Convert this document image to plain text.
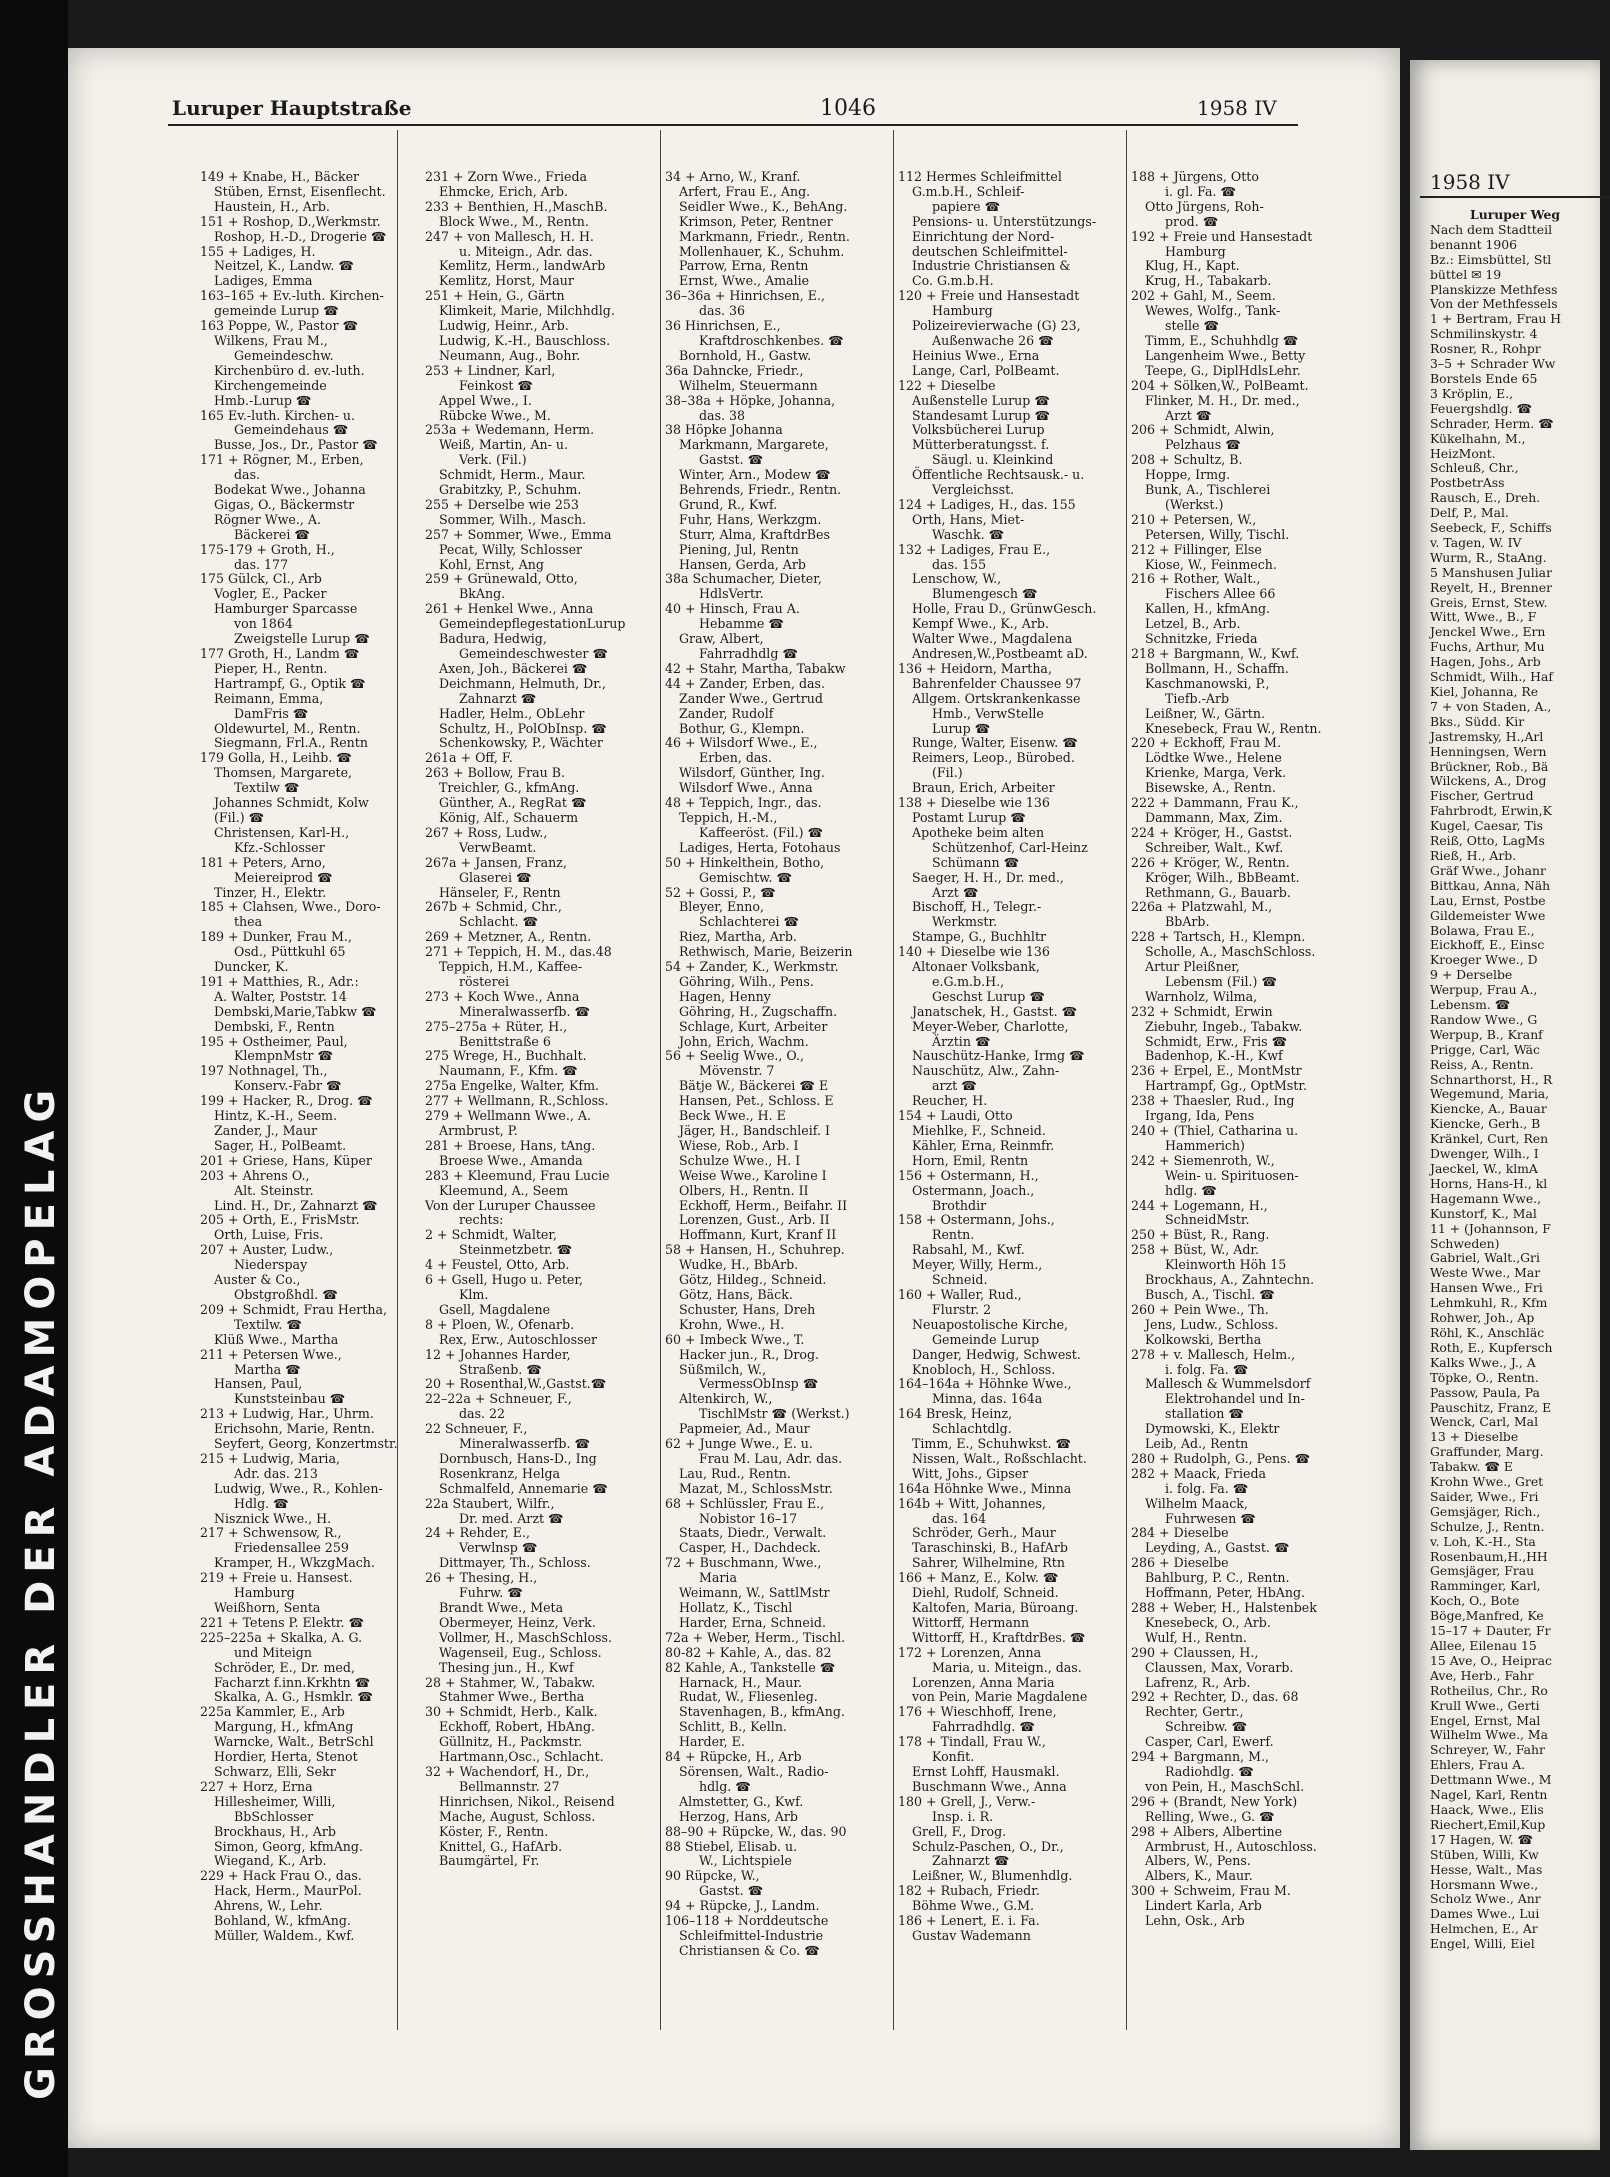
GROSSHANDLER DER ADAMOPELAG
Luruper Hauptstraße	1046	1958 IV
149 + Knabe, H., Bäcker
Stüben, Ernst, Eisenflecht.
Haustein, H., Arb.
151 + Roshop, D.,Werkmstr.
Roshop, H.-D., Drogerie ☎
155 + Ladiges, H.
Neitzel, K., Landw. ☎
Ladiges, Emma
163–165 + Ev.-luth. Kirchen-
gemeinde Lurup ☎
163 Poppe, W., Pastor ☎
Wilkens, Frau M.,
Gemeindeschw.
Kirchenbüro d. ev.-luth.
Kirchengemeinde
Hmb.-Lurup ☎
165 Ev.-luth. Kirchen- u.
Gemeindehaus ☎
Busse, Jos., Dr., Pastor ☎
171 + Rögner, M., Erben,
das.
Bodekat Wwe., Johanna
Gigas, O., Bäckermstr
Rögner Wwe., A.
Bäckerei ☎
175-179 + Groth, H.,
das. 177
175 Gülck, Cl., Arb
Vogler, E., Packer
Hamburger Sparcasse
von 1864
Zweigstelle Lurup ☎
177 Groth, H., Landm ☎
Pieper, H., Rentn.
Hartrampf, G., Optik ☎
Reimann, Emma,
DamFris ☎
Oldewurtel, M., Rentn.
Siegmann, Frl.A., Rentn
179 Golla, H., Leihb. ☎
Thomsen, Margarete,
Textilw ☎
Johannes Schmidt, Kolw
(Fil.) ☎
Christensen, Karl-H.,
Kfz.-Schlosser
181 + Peters, Arno,
Meiereiprod ☎
Tinzer, H., Elektr.
185 + Clahsen, Wwe., Doro-
thea
189 + Dunker, Frau M.,
Osd., Püttkuhl 65
Duncker, K.
191 + Matthies, R., Adr.:
A. Walter, Poststr. 14
Dembski,Marie,Tabkw ☎
Dembski, F., Rentn
195 + Ostheimer, Paul,
KlempnMstr ☎
197 Nothnagel, Th.,
Konserv.-Fabr ☎
199 + Hacker, R., Drog. ☎
Hintz, K.-H., Seem.
Zander, J., Maur
Sager, H., PolBeamt.
201 + Griese, Hans, Küper
203 + Ahrens O.,
Alt. Steinstr.
Lind. H., Dr., Zahnarzt ☎
205 + Orth, E., FrisMstr.
Orth, Luise, Fris.
207 + Auster, Ludw.,
Niederspay
Auster & Co.,
Obstgroßhdl. ☎
209 + Schmidt, Frau Hertha,
Textilw. ☎
Klüß Wwe., Martha
211 + Petersen Wwe.,
Martha ☎
Hansen, Paul,
Kunststeinbau ☎
213 + Ludwig, Har., Uhrm.
Erichsohn, Marie, Rentn.
Seyfert, Georg, Konzertmstr.
215 + Ludwig, Maria,
Adr. das. 213
Ludwig, Wwe., R., Kohlen-
Hdlg. ☎
Nisznick Wwe., H.
217 + Schwensow, R.,
Friedensallee 259
Kramper, H., WkzgMach.
219 + Freie u. Hansest.
Hamburg
Weißhorn, Senta
221 + Tetens P. Elektr. ☎
225–225a + Skalka, A. G.
und Miteign
Schröder, E., Dr. med,
Facharzt f.inn.Krkhtn ☎
Skalka, A. G., Hsmklr. ☎
225a Kammler, E., Arb
Margung, H., kfmAng
Warncke, Walt., BetrSchl
Hordier, Herta, Stenot
Schwarz, Elli, Sekr
227 + Horz, Erna
Hillesheimer, Willi,
BbSchlosser
Brockhaus, H., Arb
Simon, Georg, kfmAng.
Wiegand, K., Arb.
229 + Hack Frau O., das.
Hack, Herm., MaurPol.
Ahrens, W., Lehr.
Bohland, W., kfmAng.
Müller, Waldem., Kwf.
231 + Zorn Wwe., Frieda
Ehmcke, Erich, Arb.
233 + Benthien, H.,MaschB.
Block Wwe., M., Rentn.
247 + von Mallesch, H. H.
u. Miteign., Adr. das.
Kemlitz, Herm., landwArb
Kemlitz, Horst, Maur
251 + Hein, G., Gärtn
Klimkeit, Marie, Milchhdlg.
Ludwig, Heinr., Arb.
Ludwig, K.-H., Bauschloss.
Neumann, Aug., Bohr.
253 + Lindner, Karl,
Feinkost ☎
Appel Wwe., I.
Rübcke Wwe., M.
253a + Wedemann, Herm.
Weiß, Martin, An- u.
Verk. (Fil.)
Schmidt, Herm., Maur.
Grabitzky, P., Schuhm.
255 + Derselbe wie 253
Sommer, Wilh., Masch.
257 + Sommer, Wwe., Emma
Pecat, Willy, Schlosser
Kohl, Ernst, Ang
259 + Grünewald, Otto,
BkAng.
261 + Henkel Wwe., Anna
GemeindepflegestationLurup
Badura, Hedwig,
Gemeindeschwester ☎
Axen, Joh., Bäckerei ☎
Deichmann, Helmuth, Dr.,
Zahnarzt ☎
Hadler, Helm., ObLehr
Schultz, H., PolObInsp. ☎
Schenkowsky, P., Wächter
261a + Off, F.
263 + Bollow, Frau B.
Treichler, G., kfmAng.
Günther, A., RegRat ☎
König, Alf., Schauerm
267 + Ross, Ludw.,
VerwBeamt.
267a + Jansen, Franz,
Glaserei ☎
Hänseler, F., Rentn
267b + Schmid, Chr.,
Schlacht. ☎
269 + Metzner, A., Rentn.
271 + Teppich, H. M., das.48
Teppich, H.M., Kaffee-
rösterei
273 + Koch Wwe., Anna
Mineralwasserfb. ☎
275–275a + Rüter, H.,
Benittstraße 6
275 Wrege, H., Buchhalt.
Naumann, F., Kfm. ☎
275a Engelke, Walter, Kfm.
277 + Wellmann, R.,Schloss.
279 + Wellmann Wwe., A.
Armbrust, P.
281 + Broese, Hans, tAng.
Broese Wwe., Amanda
283 + Kleemund, Frau Lucie
Kleemund, A., Seem
Von der Luruper Chaussee
rechts:
2 + Schmidt, Walter,
Steinmetzbetr. ☎
4 + Feustel, Otto, Arb.
6 + Gsell, Hugo u. Peter,
Klm.
Gsell, Magdalene
8 + Ploen, W., Ofenarb.
Rex, Erw., Autoschlosser
12 + Johannes Harder,
Straßenb. ☎
20 + Rosenthal,W.,Gastst.☎
22–22a + Schneuer, F.,
das. 22
22 Schneuer, F.,
Mineralwasserfb. ☎
Dornbusch, Hans-D., Ing
Rosenkranz, Helga
Schmalfeld, Annemarie ☎
22a Staubert, Wilfr.,
Dr. med. Arzt ☎
24 + Rehder, E.,
Verwlnsp ☎
Dittmayer, Th., Schloss.
26 + Thesing, H.,
Fuhrw. ☎
Brandt Wwe., Meta
Obermeyer, Heinz, Verk.
Vollmer, H., MaschSchloss.
Wagenseil, Eug., Schloss.
Thesing jun., H., Kwf
28 + Stahmer, W., Tabakw.
Stahmer Wwe., Bertha
30 + Schmidt, Herb., Kalk.
Eckhoff, Robert, HbAng.
Güllnitz, H., Packmstr.
Hartmann,Osc., Schlacht.
32 + Wachendorf, H., Dr.,
Bellmannstr. 27
Hinrichsen, Nikol., Reisend
Mache, August, Schloss.
Köster, F., Rentn.
Knittel, G., HafArb.
Baumgärtel, Fr.
34 + Arno, W., Kranf.
Arfert, Frau E., Ang.
Seidler Wwe., K., BehAng.
Krimson, Peter, Rentner
Markmann, Friedr., Rentn.
Mollenhauer, K., Schuhm.
Parrow, Erna, Rentn
Ernst, Wwe., Amalie
36–36a + Hinrichsen, E.,
das. 36
36 Hinrichsen, E.,
Kraftdroschkenbes. ☎
Bornhold, H., Gastw.
36a Dahncke, Friedr.,
Wilhelm, Steuermann
38–38a + Höpke, Johanna,
das. 38
38 Höpke Johanna
Markmann, Margarete,
Gastst. ☎
Winter, Arn., Modew ☎
Behrends, Friedr., Rentn.
Grund, R., Kwf.
Fuhr, Hans, Werkzgm.
Sturr, Alma, KraftdrBes
Piening, Jul, Rentn
Hansen, Gerda, Arb
38a Schumacher, Dieter,
HdlsVertr.
40 + Hinsch, Frau A.
Hebamme ☎
Graw, Albert,
Fahrradhdlg ☎
42 + Stahr, Martha, Tabakw
44 + Zander, Erben, das.
Zander Wwe., Gertrud
Zander, Rudolf
Bothur, G., Klempn.
46 + Wilsdorf Wwe., E.,
Erben, das.
Wilsdorf, Günther, Ing.
Wilsdorf Wwe., Anna
48 + Teppich, Ingr., das.
Teppich, H.-M.,
Kaffeeröst. (Fil.) ☎
Ladiges, Herta, Fotohaus
50 + Hinkelthein, Botho,
Gemischtw. ☎
52 + Gossi, P., ☎
Bleyer, Enno,
Schlachterei ☎
Riez, Martha, Arb.
Rethwisch, Marie, Beizerin
54 + Zander, K., Werkmstr.
Göhring, Wilh., Pens.
Hagen, Henny
Göhring, H., Zugschaffn.
Schlage, Kurt, Arbeiter
John, Erich, Wachm.
56 + Seelig Wwe., O.,
Mövenstr. 7
Bätje W., Bäckerei ☎ E
Hansen, Pet., Schloss. E
Beck Wwe., H. E
Jäger, H., Bandschleif. I
Wiese, Rob., Arb. I
Schulze Wwe., H. I
Weise Wwe., Karoline I
Olbers, H., Rentn. II
Eckhoff, Herm., Beifahr. II
Lorenzen, Gust., Arb. II
Hoffmann, Kurt, Kranf II
58 + Hansen, H., Schuhrep.
Wudke, H., BbArb.
Götz, Hildeg., Schneid.
Götz, Hans, Bäck.
Schuster, Hans, Dreh
Krohn, Wwe., H.
60 + Imbeck Wwe., T.
Hacker jun., R., Drog.
Süßmilch, W.,
VermessObInsp ☎
Altenkirch, W.,
TischlMstr ☎ (Werkst.)
Papmeier, Ad., Maur
62 + Junge Wwe., E. u.
Frau M. Lau, Adr. das.
Lau, Rud., Rentn.
Mazat, M., SchlossMstr.
68 + Schlüssler, Frau E.,
Nobistor 16–17
Staats, Diedr., Verwalt.
Casper, H., Dachdeck.
72 + Buschmann, Wwe.,
Maria
Weimann, W., SattlMstr
Hollatz, K., Tischl
Harder, Erna, Schneid.
72a + Weber, Herm., Tischl.
80-82 + Kahle, A., das. 82
82 Kahle, A., Tankstelle ☎
Harnack, H., Maur.
Rudat, W., Fliesenleg.
Stavenhagen, B., kfmAng.
Schlitt, B., Kelln.
Harder, E.
84 + Rüpcke, H., Arb
Sörensen, Walt., Radio-
hdlg. ☎
Almstetter, G., Kwf.
Herzog, Hans, Arb
88–90 + Rüpcke, W., das. 90
88 Stiebel, Elisab. u.
W., Lichtspiele
90 Rüpcke, W.,
Gastst. ☎
94 + Rüpcke, J., Landm.
106–118 + Norddeutsche
Schleifmittel-Industrie
Christiansen & Co. ☎
112 Hermes Schleifmittel
G.m.b.H., Schleif-
papiere ☎
Pensions- u. Unterstützungs-
Einrichtung der Nord-
deutschen Schleifmittel-
Industrie Christiansen &
Co. G.m.b.H.
120 + Freie und Hansestadt
Hamburg
Polizeirevierwache (G) 23,
Außenwache 26 ☎
Heinius Wwe., Erna
Lange, Carl, PolBeamt.
122 + Dieselbe
Außenstelle Lurup ☎
Standesamt Lurup ☎
Volksbücherei Lurup
Mütterberatungsst. f.
Säugl. u. Kleinkind
Öffentliche Rechtsausk.- u.
Vergleichsst.
124 + Ladiges, H., das. 155
Orth, Hans, Miet-
Waschk. ☎
132 + Ladiges, Frau E.,
das. 155
Lenschow, W.,
Blumengesch ☎
Holle, Frau D., GrünwGesch.
Kempf Wwe., K., Arb.
Walter Wwe., Magdalena
Andresen,W.,Postbeamt aD.
136 + Heidorn, Martha,
Bahrenfelder Chaussee 97
Allgem. Ortskrankenkasse
Hmb., VerwStelle
Lurup ☎
Runge, Walter, Eisenw. ☎
Reimers, Leop., Bürobed.
(Fil.)
Braun, Erich, Arbeiter
138 + Dieselbe wie 136
Postamt Lurup ☎
Apotheke beim alten
Schützenhof, Carl-Heinz
Schümann ☎
Saeger, H. H., Dr. med.,
Arzt ☎
Bischoff, H., Telegr.-
Werkmstr.
Stampe, G., Buchhltr
140 + Dieselbe wie 136
Altonaer Volksbank,
e.G.m.b.H.,
Geschst Lurup ☎
Janatschek, H., Gastst. ☎
Meyer-Weber, Charlotte,
Ärztin ☎
Nauschütz-Hanke, Irmg ☎
Nauschütz, Alw., Zahn-
arzt ☎
Reucher, H.
154 + Laudi, Otto
Miehlke, F., Schneid.
Kähler, Erna, Reinmfr.
Horn, Emil, Rentn
156 + Ostermann, H.,
Ostermann, Joach.,
Brothdir
158 + Ostermann, Johs.,
Rentn.
Rabsahl, M., Kwf.
Meyer, Willy, Herm.,
Schneid.
160 + Waller, Rud.,
Flurstr. 2
Neuapostolische Kirche,
Gemeinde Lurup
Danger, Hedwig, Schwest.
Knobloch, H., Schloss.
164–164a + Höhnke Wwe.,
Minna, das. 164a
164 Bresk, Heinz,
Schlachtdlg.
Timm, E., Schuhwkst. ☎
Nissen, Walt., Roßschlacht.
Witt, Johs., Gipser
164a Höhnke Wwe., Minna
164b + Witt, Johannes,
das. 164
Schröder, Gerh., Maur
Taraschinski, B., HafArb
Sahrer, Wilhelmine, Rtn
166 + Manz, E., Kolw. ☎
Diehl, Rudolf, Schneid.
Kaltofen, Maria, Büroang.
Wittorff, Hermann
Wittorff, H., KraftdrBes. ☎
172 + Lorenzen, Anna
Maria, u. Miteign., das.
Lorenzen, Anna Maria
von Pein, Marie Magdalene
176 + Wieschhoff, Irene,
Fahrradhdlg. ☎
178 + Tindall, Frau W.,
Konfit.
Ernst Lohff, Hausmakl.
Buschmann Wwe., Anna
180 + Grell, J., Verw.-
Insp. i. R.
Grell, F., Drog.
Schulz-Paschen, O., Dr.,
Zahnarzt ☎
Leißner, W., Blumenhdlg.
182 + Rubach, Friedr.
Böhme Wwe., G.M.
186 + Lenert, E. i. Fa.
Gustav Wademann
188 + Jürgens, Otto
i. gl. Fa. ☎
Otto Jürgens, Roh-
prod. ☎
192 + Freie und Hansestadt
Hamburg
Klug, H., Kapt.
Krug, H., Tabakarb.
202 + Gahl, M., Seem.
Wewes, Wolfg., Tank-
stelle ☎
Timm, E., Schuhhdlg ☎
Langenheim Wwe., Betty
Teepe, G., DiplHdlsLehr.
204 + Sölken,W., PolBeamt.
Flinker, M. H., Dr. med.,
Arzt ☎
206 + Schmidt, Alwin,
Pelzhaus ☎
208 + Schultz, B.
Hoppe, Irmg.
Bunk, A., Tischlerei
(Werkst.)
210 + Petersen, W.,
Petersen, Willy, Tischl.
212 + Fillinger, Else
Kiose, W., Feinmech.
216 + Rother, Walt.,
Fischers Allee 66
Kallen, H., kfmAng.
Letzel, B., Arb.
Schnitzke, Frieda
218 + Bargmann, W., Kwf.
Bollmann, H., Schaffn.
Kaschmanowski, P.,
Tiefb.-Arb
Leißner, W., Gärtn.
Knesebeck, Frau W., Rentn.
220 + Eckhoff, Frau M.
Lödtke Wwe., Helene
Krienke, Marga, Verk.
Bisewske, A., Rentn.
222 + Dammann, Frau K.,
Dammann, Max, Zim.
224 + Kröger, H., Gastst.
Schreiber, Walt., Kwf.
226 + Kröger, W., Rentn.
Kröger, Wilh., BbBeamt.
Rethmann, G., Bauarb.
226a + Platzwahl, M.,
BbArb.
228 + Tartsch, H., Klempn.
Scholle, A., MaschSchloss.
Artur Pleißner,
Lebensm (Fil.) ☎
Warnholz, Wilma,
232 + Schmidt, Erwin
Ziebuhr, Ingeb., Tabakw.
Schmidt, Erw., Fris ☎
Badenhop, K.-H., Kwf
236 + Erpel, E., MontMstr
Hartrampf, Gg., OptMstr.
238 + Thaesler, Rud., Ing
Irgang, Ida, Pens
240 + (Thiel, Catharina u.
Hammerich)
242 + Siemenroth, W.,
Wein- u. Spirituosen-
hdlg. ☎
244 + Logemann, H.,
SchneidMstr.
250 + Büst, R., Rang.
258 + Büst, W., Adr.
Kleinworth Höh 15
Brockhaus, A., Zahntechn.
Busch, A., Tischl. ☎
260 + Pein Wwe., Th.
Jens, Ludw., Schloss.
Kolkowski, Bertha
278 + v. Mallesch, Helm.,
i. folg. Fa. ☎
Mallesch & Wummelsdorf
Elektrohandel und In-
stallation ☎
Dymowski, K., Elektr
Leib, Ad., Rentn
280 + Rudolph, G., Pens. ☎
282 + Maack, Frieda
i. folg. Fa. ☎
Wilhelm Maack,
Fuhrwesen ☎
284 + Dieselbe
Leyding, A., Gastst. ☎
286 + Dieselbe
Bahlburg, P. C., Rentn.
Hoffmann, Peter, HbAng.
288 + Weber, H., Halstenbek
Knesebeck, O., Arb.
Wulf, H., Rentn.
290 + Claussen, H.,
Claussen, Max, Vorarb.
Lafrenz, R., Arb.
292 + Rechter, D., das. 68
Rechter, Gertr.,
Schreibw. ☎
Casper, Carl, Ewerf.
294 + Bargmann, M.,
Radiohdlg. ☎
von Pein, H., MaschSchl.
296 + (Brandt, New York)
Relling, Wwe., G. ☎
298 + Albers, Albertine
Armbrust, H., Autoschloss.
Albers, W., Pens.
Albers, K., Maur.
300 + Schweim, Frau M.
Lindert Karla, Arb
Lehn, Osk., Arb
1958 IV
Luruper Weg
Nach dem Stadtteil
benannt 1906
Bz.: Eimsbüttel, Stl
büttel ✉ 19
Planskizze Methfess
Von der Methfessels
1 + Bertram, Frau H
Schmilinskystr. 4
Rosner, R., Rohpr
3–5 + Schrader Ww
Borstels Ende 65
3 Kröplin, E.,
Feuergshdlg. ☎
Schrader, Herm. ☎
Kükelhahn, M.,
HeizMont.
Schleuß, Chr.,
PostbetrAss
Rausch, E., Dreh.
Delf, P., Mal.
Seebeck, F., Schiffs
v. Tagen, W. IV
Wurm, R., StaAng.
5 Manshusen Juliar
Reyelt, H., Brenner
Greis, Ernst, Stew.
Witt, Wwe., B., F
Jenckel Wwe., Ern
Fuchs, Arthur, Mu
Hagen, Johs., Arb
Schmidt, Wilh., Haf
Kiel, Johanna, Re
7 + von Staden, A.,
Bks., Südd. Kir
Jastremsky, H.,Arl
Henningsen, Wern
Brückner, Rob., Bä
Wilckens, A., Drog
Fischer, Gertrud
Fahrbrodt, Erwin,K
Kugel, Caesar, Tis
Reiß, Otto, LagMs
Rieß, H., Arb.
Gräf Wwe., Johanr
Bittkau, Anna, Näh
Lau, Ernst, Postbe
Gildemeister Wwe
Bolawa, Frau E.,
Eickhoff, E., Einsc
Kroeger Wwe., D
9 + Derselbe
Werpup, Frau A.,
Lebensm. ☎
Randow Wwe., G
Werpup, B., Kranf
Prigge, Carl, Wäc
Reiss, A., Rentn.
Schnarthorst, H., R
Wegemund, Maria,
Kiencke, A., Bauar
Kiencke, Gerh., B
Kränkel, Curt, Ren
Dwenger, Wilh., I
Jaeckel, W., klmA
Horns, Hans-H., kl
Hagemann Wwe.,
Kunstorf, K., Mal
11 + (Johannson, F
Schweden)
Gabriel, Walt.,Gri
Weste Wwe., Mar
Hansen Wwe., Fri
Lehmkuhl, R., Kfm
Rohwer, Joh., Ap
Röhl, K., Anschläc
Roth, E., Kupfersch
Kalks Wwe., J., A
Töpke, O., Rentn.
Passow, Paula, Pa
Pauschitz, Franz, E
Wenck, Carl, Mal
13 + Dieselbe
Graffunder, Marg.
Tabakw. ☎ E
Krohn Wwe., Gret
Saider, Wwe., Fri
Gemsjäger, Rich.,
Schulze, J., Rentn.
v. Loh, K.-H., Sta
Rosenbaum,H.,HH
Gemsjäger, Frau
Ramminger, Karl,
Koch, O., Bote
Böge,Manfred, Ke
15–17 + Dauter, Fr
Allee, Eilenau 15
15 Ave, O., Heiprac
Ave, Herb., Fahr
Rotheilus, Chr., Ro
Krull Wwe., Gerti
Engel, Ernst, Mal
Wilhelm Wwe., Ma
Schreyer, W., Fahr
Ehlers, Frau A.
Dettmann Wwe., M
Nagel, Karl, Rentn
Haack, Wwe., Elis
Riechert,Emil,Kup
17 Hagen, W. ☎
Stüben, Willi, Kw
Hesse, Walt., Mas
Horsmann Wwe.,
Scholz Wwe., Anr
Dames Wwe., Lui
Helmchen, E., Ar
Engel, Willi, Eiel
